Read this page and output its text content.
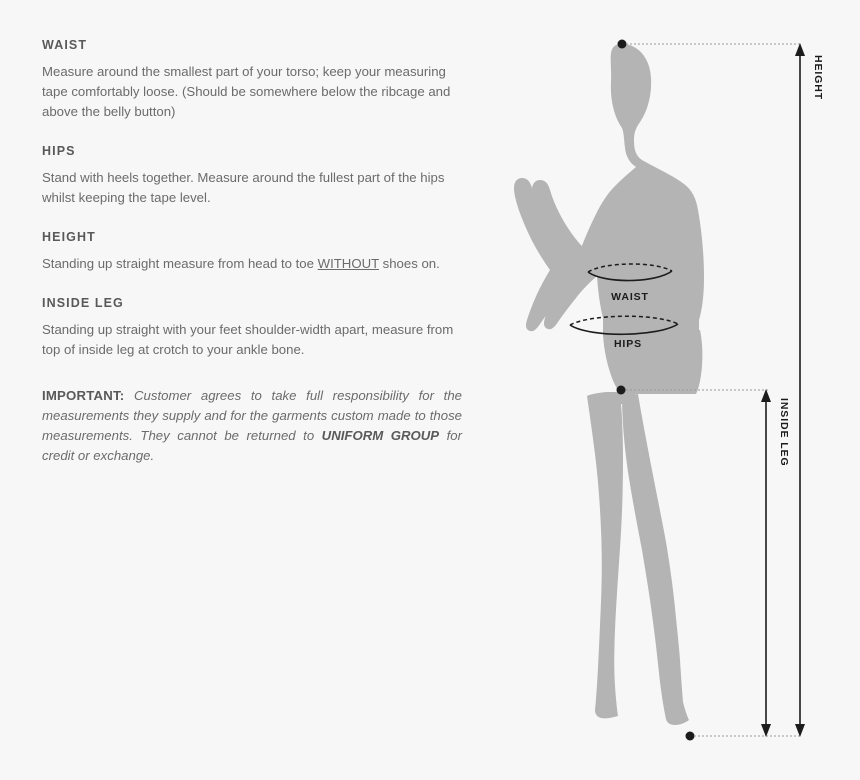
WAIST

Measure around the smallest part of your torso; keep your measuring tape comfortably loose. (Should be somewhere below the ribcage and above the belly button)

HIPS

Stand with heels together. Measure around the fullest part of the hips whilst keeping the tape level.

HEIGHT

Standing up straight measure from head to toe WITHOUT shoes on.

INSIDE LEG

Standing up straight with your feet shoulder-width apart, measure from top of inside leg at crotch to your ankle bone.

IMPORTANT: Customer agrees to take full responsibility for the measurements they supply and for the garments custom made to those measurements. They cannot be returned to UNIFORM GROUP for credit or exchange.

WAIST
HIPS
HEIGHT
INSIDE LEG
